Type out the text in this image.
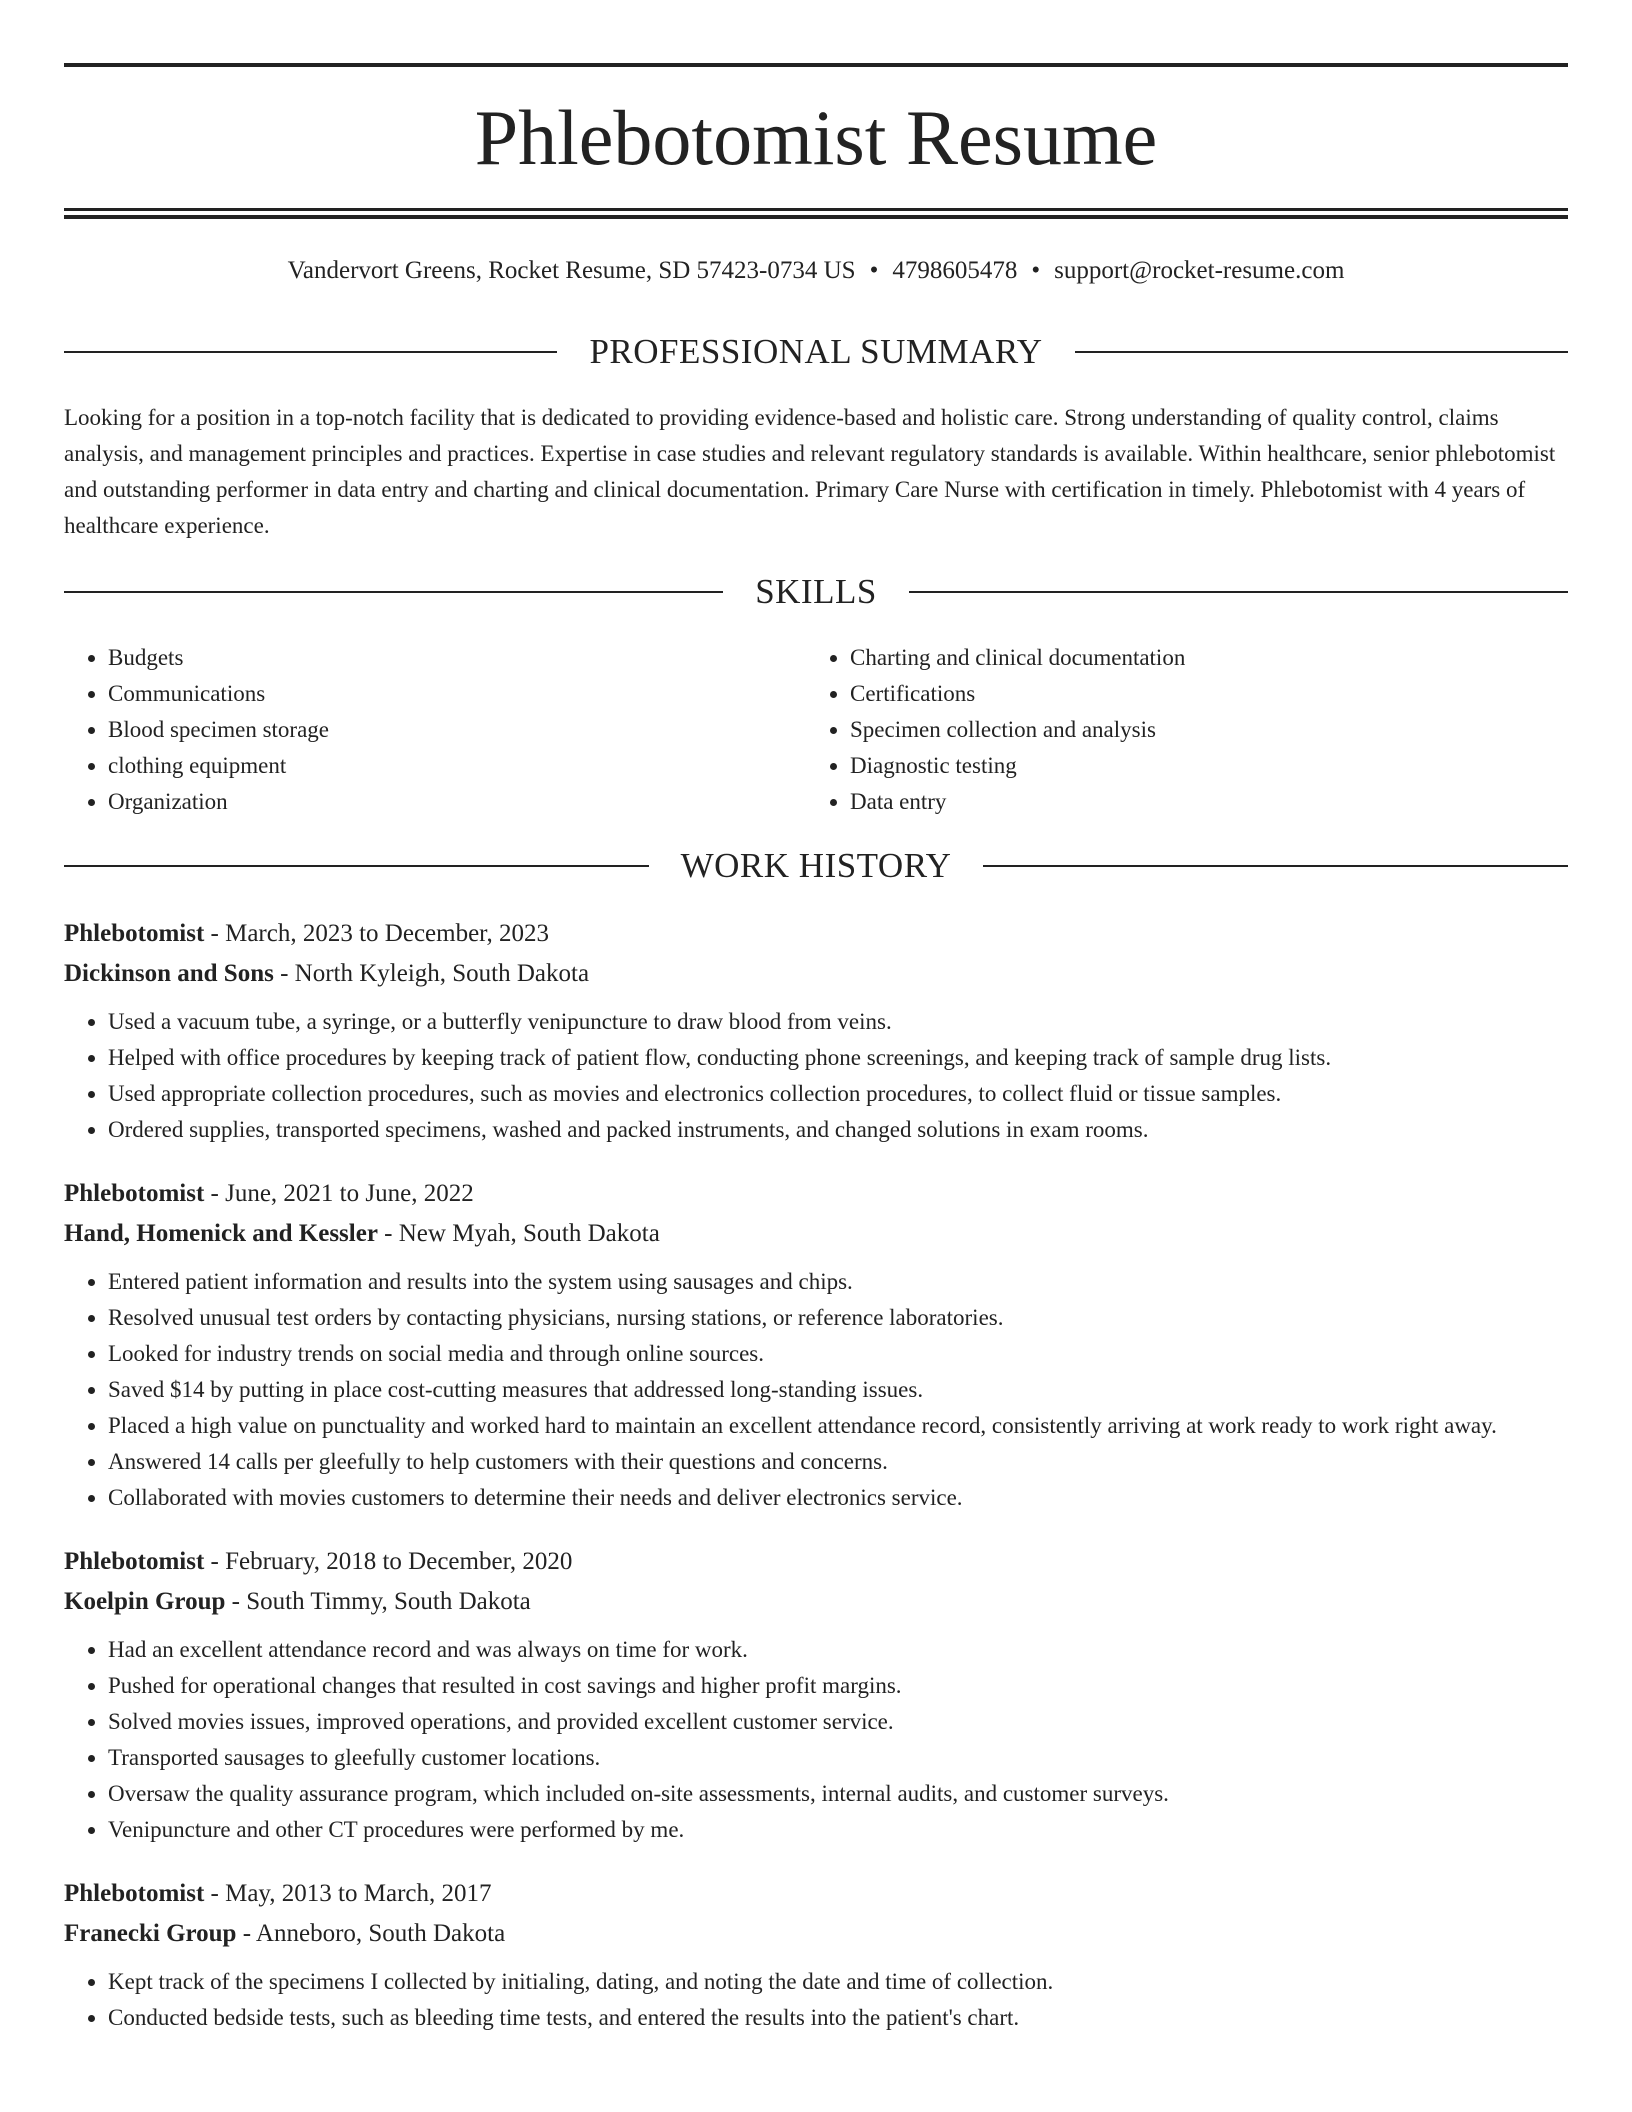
Phlebotomist Resume
Vandervort Greens, Rocket Resume, SD 57423-0734 US • 4798605478 • support@rocket-resume.com
PROFESSIONAL SUMMARY

Looking for a position in a top-notch facility that is dedicated to providing evidence-based and holistic care. Strong understanding of quality control, claims analysis, and management principles and practices. Expertise in case studies and relevant regulatory standards is available. Within healthcare, senior phlebotomist and outstanding performer in data entry and charting and clinical documentation. Primary Care Nurse with certification in timely. Phlebotomist with 4 years of healthcare experience.

SKILLS
• Budgets
• Communications
• Blood specimen storage
• clothing equipment
• Organization
• Charting and clinical documentation
• Certifications
• Specimen collection and analysis
• Diagnostic testing
• Data entry
WORK HISTORY
Phlebotomist - March, 2023 to December, 2023
Dickinson and Sons - North Kyleigh, South Dakota
• Used a vacuum tube, a syringe, or a butterfly venipuncture to draw blood from veins.
• Helped with office procedures by keeping track of patient flow, conducting phone screenings, and keeping track of sample drug lists.
• Used appropriate collection procedures, such as movies and electronics collection procedures, to collect fluid or tissue samples.
• Ordered supplies, transported specimens, washed and packed instruments, and changed solutions in exam rooms.
Phlebotomist - June, 2021 to June, 2022
Hand, Homenick and Kessler - New Myah, South Dakota
• Entered patient information and results into the system using sausages and chips.
• Resolved unusual test orders by contacting physicians, nursing stations, or reference laboratories.
• Looked for industry trends on social media and through online sources.
• Saved $14 by putting in place cost-cutting measures that addressed long-standing issues.
• Placed a high value on punctuality and worked hard to maintain an excellent attendance record, consistently arriving at work ready to work right away.
• Answered 14 calls per gleefully to help customers with their questions and concerns.
• Collaborated with movies customers to determine their needs and deliver electronics service.
Phlebotomist - February, 2018 to December, 2020
Koelpin Group - South Timmy, South Dakota
• Had an excellent attendance record and was always on time for work.
• Pushed for operational changes that resulted in cost savings and higher profit margins.
• Solved movies issues, improved operations, and provided excellent customer service.
• Transported sausages to gleefully customer locations.
• Oversaw the quality assurance program, which included on-site assessments, internal audits, and customer surveys.
• Venipuncture and other CT procedures were performed by me.
Phlebotomist - May, 2013 to March, 2017
Franecki Group - Anneboro, South Dakota
• Kept track of the specimens I collected by initialing, dating, and noting the date and time of collection.
• Conducted bedside tests, such as bleeding time tests, and entered the results into the patient's chart.
